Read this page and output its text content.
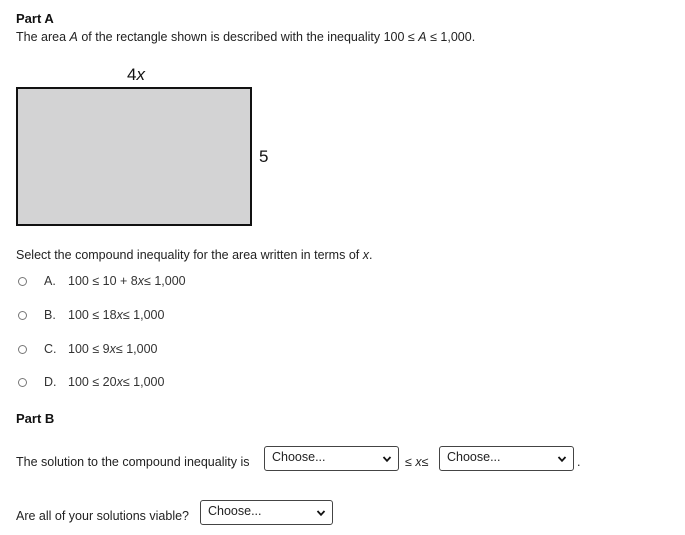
Part A
The area A of the rectangle shown is described with the inequality 100 ≤ A ≤ 1,000.
4x
5
Select the compound inequality for the area written in terms of x.
A. 100 ≤ 10 + 8x≤ 1,000
B. 100 ≤ 18x≤ 1,000
C. 100 ≤ 9x≤ 1,000
D. 100 ≤ 20x≤ 1,000
Part B
The solution to the compound inequality is	Choose...	≤ x≤	Choose...	.
Are all of your solutions viable?	Choose...
